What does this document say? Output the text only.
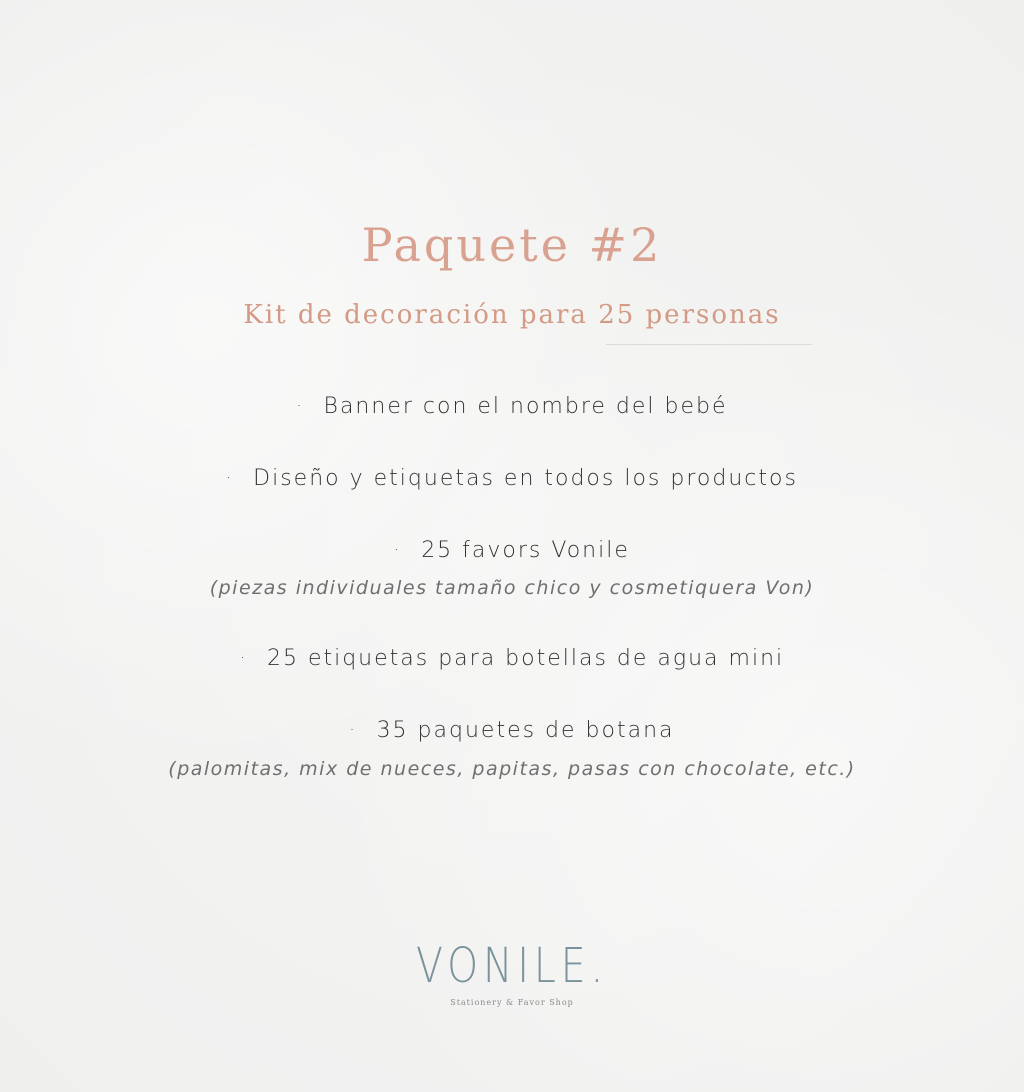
Paquete #2
Kit de decoración para 25 personas
· Banner con el nombre del bebé
· Diseño y etiquetas en todos los productos
· 25 favors Vonile
(piezas individuales tamaño chico y cosmetiquera Von)
· 25 etiquetas para botellas de agua mini
· 35 paquetes de botana
(palomitas, mix de nueces, papitas, pasas con chocolate, etc.)
VONILE.
Stationery & Favor Shop
